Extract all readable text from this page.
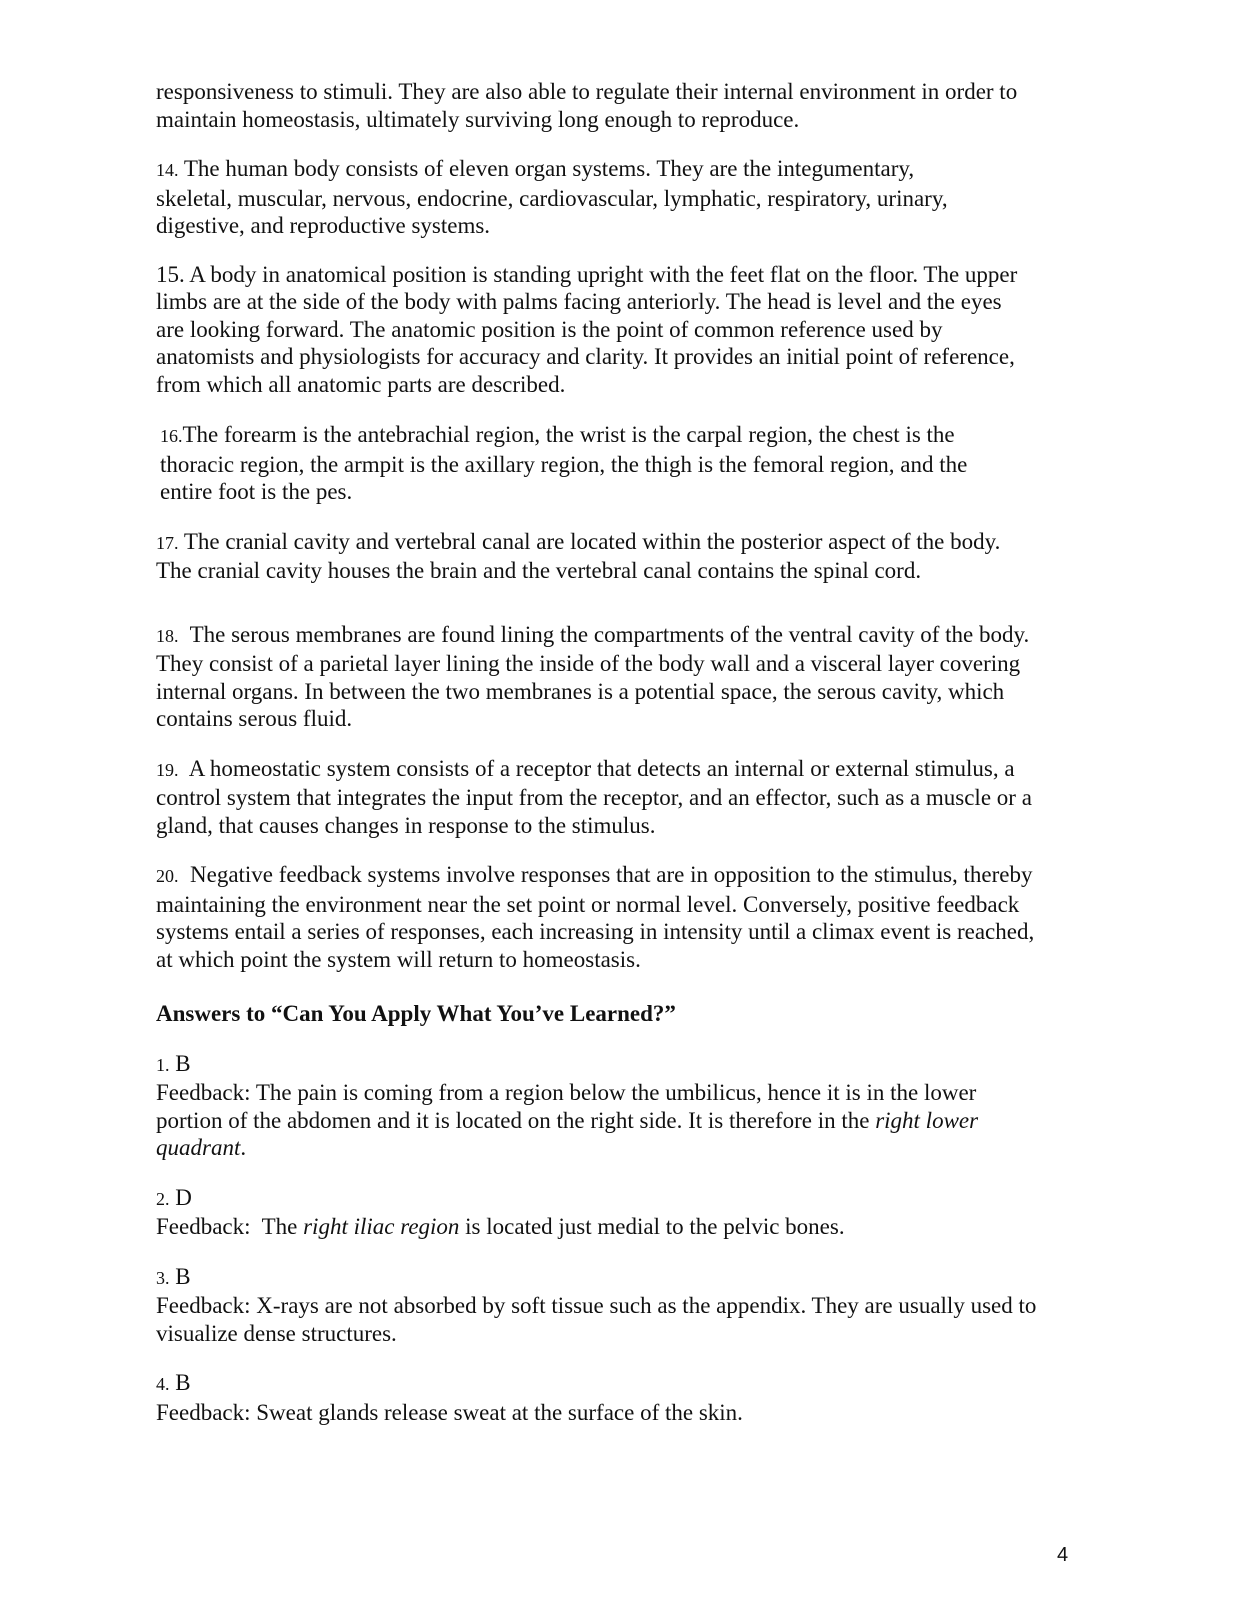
responsiveness to stimuli. They are also able to regulate their internal environment in order to
maintain homeostasis, ultimately surviving long enough to reproduce.

14. The human body consists of eleven organ systems. They are the integumentary,
skeletal, muscular, nervous, endocrine, cardiovascular, lymphatic, respiratory, urinary,
digestive, and reproductive systems.

15. A body in anatomical position is standing upright with the feet flat on the floor. The upper
limbs are at the side of the body with palms facing anteriorly. The head is level and the eyes
are looking forward. The anatomic position is the point of common reference used by
anatomists and physiologists for accuracy and clarity. It provides an initial point of reference,
from which all anatomic parts are described.

16.The forearm is the antebrachial region, the wrist is the carpal region, the chest is the
thoracic region, the armpit is the axillary region, the thigh is the femoral region, and the
entire foot is the pes.

17. The cranial cavity and vertebral canal are located within the posterior aspect of the body.
The cranial cavity houses the brain and the vertebral canal contains the spinal cord.

18.  The serous membranes are found lining the compartments of the ventral cavity of the body.
They consist of a parietal layer lining the inside of the body wall and a visceral layer covering
internal organs. In between the two membranes is a potential space, the serous cavity, which
contains serous fluid.

19.  A homeostatic system consists of a receptor that detects an internal or external stimulus, a
control system that integrates the input from the receptor, and an effector, such as a muscle or a
gland, that causes changes in response to the stimulus.

20.  Negative feedback systems involve responses that are in opposition to the stimulus, thereby
maintaining the environment near the set point or normal level. Conversely, positive feedback
systems entail a series of responses, each increasing in intensity until a climax event is reached,
at which point the system will return to homeostasis.

Answers to “Can You Apply What You’ve Learned?”

1. B
Feedback: The pain is coming from a region below the umbilicus, hence it is in the lower
portion of the abdomen and it is located on the right side. It is therefore in the right lower
quadrant.

2. D
Feedback:  The right iliac region is located just medial to the pelvic bones.

3. B
Feedback: X-rays are not absorbed by soft tissue such as the appendix. They are usually used to
visualize dense structures.

4. B
Feedback: Sweat glands release sweat at the surface of the skin.

4
